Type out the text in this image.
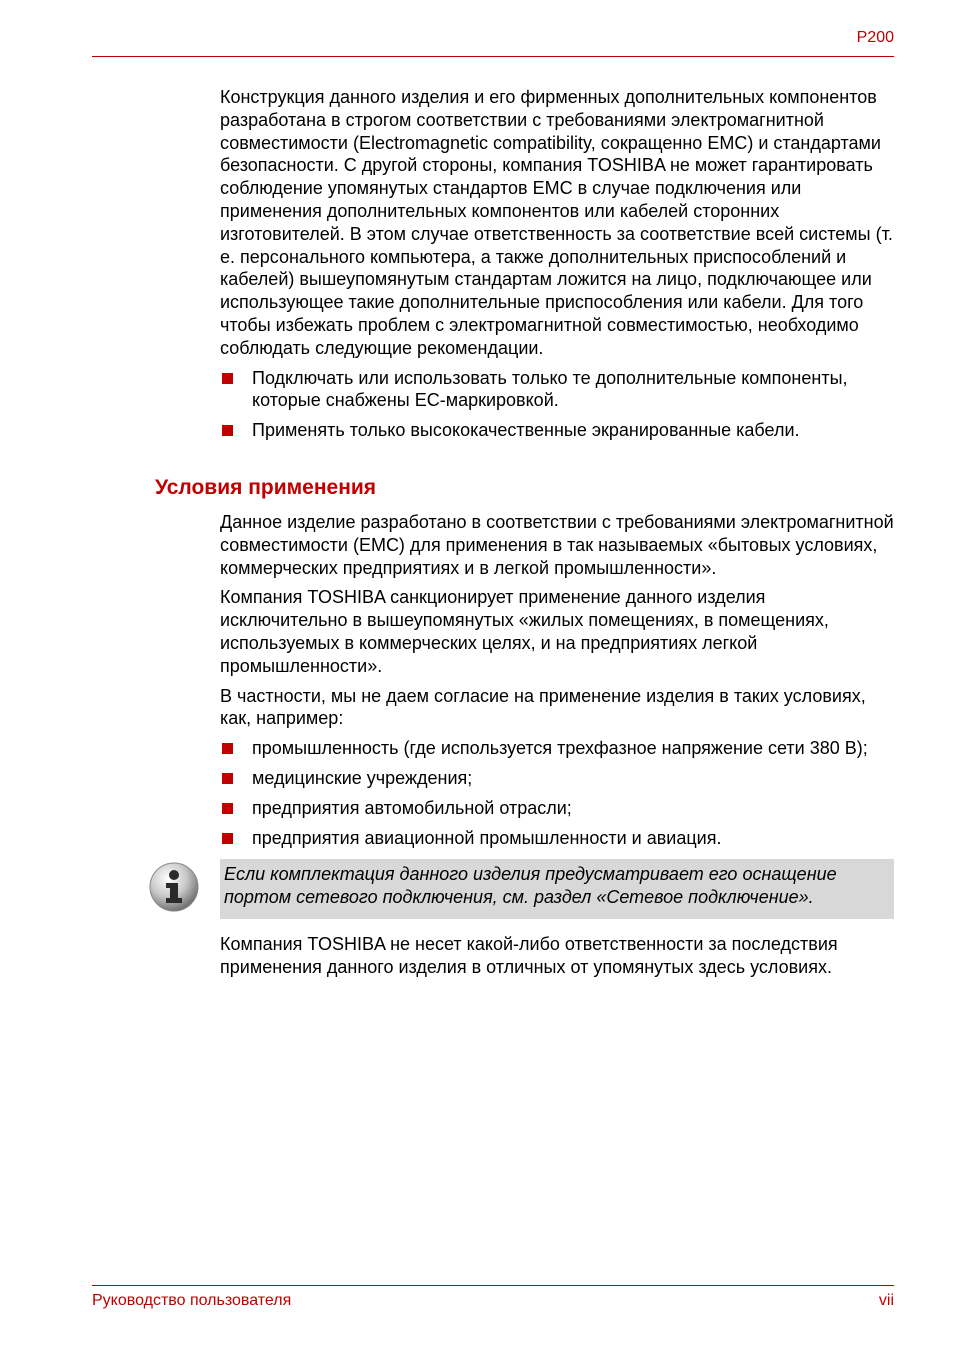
P200

Конструкция данного изделия и его фирменных дополнительных компонентов разработана в строгом соответствии с требованиями электромагнитной совместимости (Electromagnetic compatibility, сокращенно EMC) и стандартами безопасности. С другой стороны, компания TOSHIBA не может гарантировать соблюдение упомянутых стандартов EMC в случае подключения или применения дополнительных компонентов или кабелей сторонних изготовителей. В этом случае ответственность за соответствие всей системы (т. е. персонального компьютера, а также дополнительных приспособлений и кабелей) вышеупомянутым стандартам ложится на лицо, подключающее или использующее такие дополнительные приспособления или кабели. Для того чтобы избежать проблем с электромагнитной совместимостью, необходимо соблюдать следующие рекомендации.

Подключать или использовать только те дополнительные компоненты, которые снабжены ЕС-маркировкой.
Применять только высококачественные экранированные кабели.
Условия применения

Данное изделие разработано в соответствии с требованиями электромагнитной совместимости (EMC) для применения в так называемых «бытовых условиях, коммерческих предприятиях и в легкой промышленности».

Компания TOSHIBA санкционирует применение данного изделия исключительно в вышеупомянутых «жилых помещениях, в помещениях, используемых в коммерческих целях, и на предприятиях легкой промышленности».

В частности, мы не даем согласие на применение изделия в таких условиях, как, например:

промышленность (где используется трехфазное напряжение сети 380 В);
медицинские учреждения;
предприятия автомобильной отрасли;
предприятия авиационной промышленности и авиация.
Если комплектация данного изделия предусматривает его оснащение портом сетевого подключения, см. раздел «Сетевое подключение».

Компания TOSHIBA не несет какой-либо ответственности за последствия применения данного изделия в отличных от упомянутых здесь условиях.

Руководство пользователя	vii
